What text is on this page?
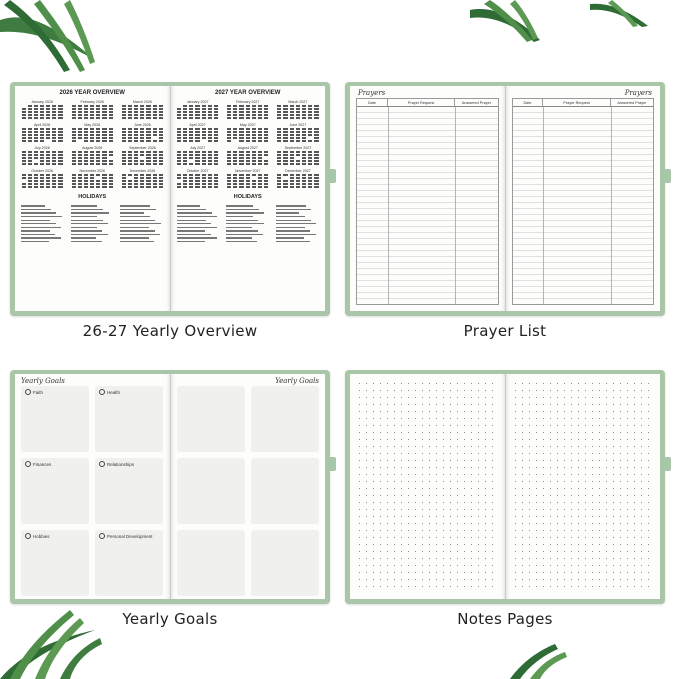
2026 YEAR OVERVIEW
January 2026	February 2026	March 2026
April 2026	May 2026	June 2026
July 2026	August 2026	September 2026
October 2026	November 2026	December 2026
HOLIDAYS
2027 YEAR OVERVIEW
January 2027	February 2027	March 2027
April 2027	May 2027	June 2027
July 2027	August 2027	September 2027
October 2027	November 2027	December 2027
HOLIDAYS
26-27 Yearly Overview
Prayers
Date	Prayer Request	Answered Prayer
Prayers
Date	Prayer Request	Answered Prayer
Prayer List
Yearly Goals
Faith	Health
Finances	Relationships
Hobbies	Personal Development
Yearly Goals
Yearly Goals	Notes Pages
